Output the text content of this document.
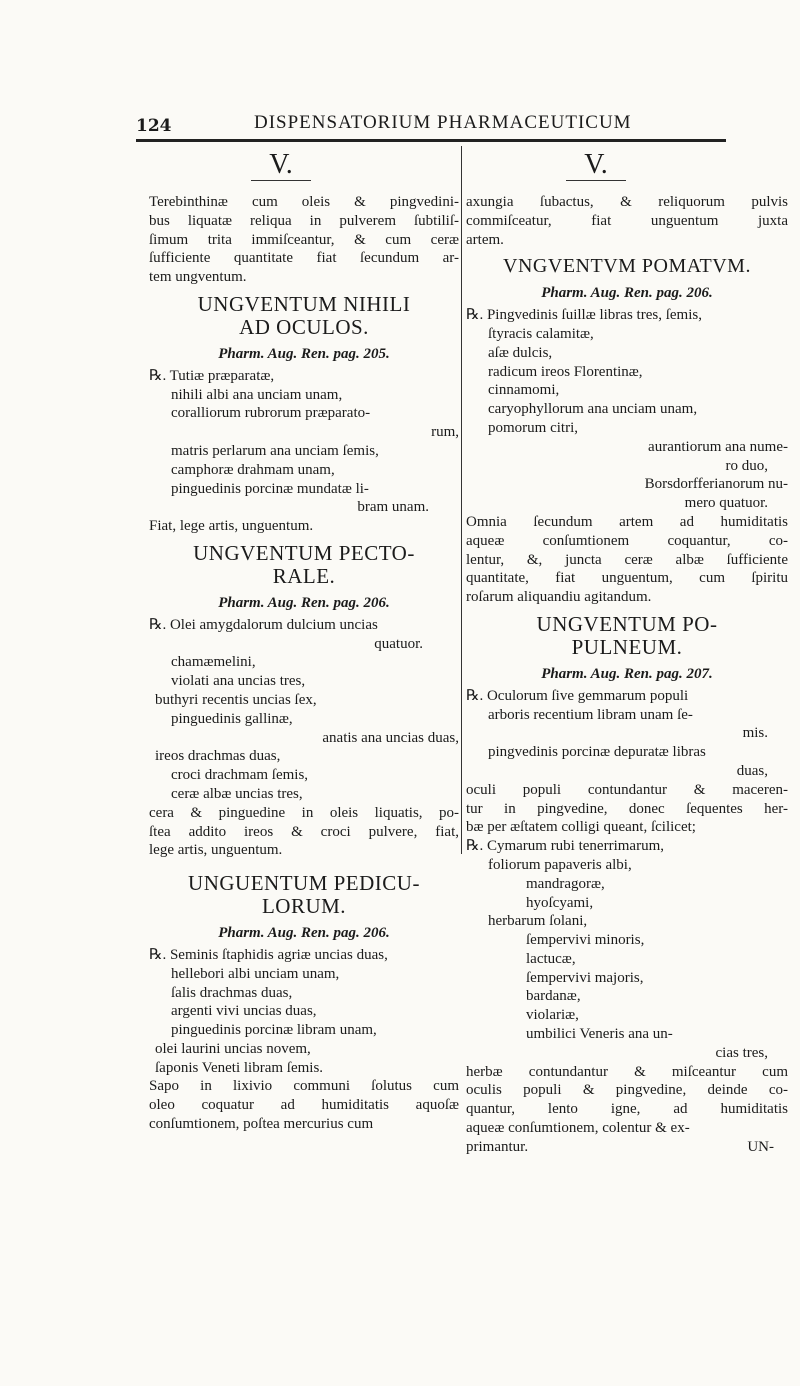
124	DISPENSATORIUM PHARMACEUTICUM
V.
Terebinthinæ cum oleis & pingvedini-
bus liquatæ reliqua in pulverem ſubtiliſ-
ſimum trita immiſceantur, & cum ceræ
ſufficiente quantitate fiat ſecundum ar-
tem ungventum.
UNGVENTUM NIHILI
AD OCULOS.
Pharm. Aug. Ren. pag. 205.
℞. Tutiæ præparatæ,
nihili albi ana unciam unam,
coralliorum rubrorum præparato-
rum,
matris perlarum ana unciam ſemis,
camphoræ drahmam unam,
pinguedinis porcinæ mundatæ li-
bram unam.
Fiat, lege artis, unguentum.
UNGVENTUM PECTO-
RALE.
Pharm. Aug. Ren. pag. 206.
℞. Olei amygdalorum dulcium uncias
quatuor.
chamæmelini,
violati ana uncias tres,
buthyri recentis uncias ſex,
pinguedinis gallinæ,
anatis ana uncias duas,
ireos drachmas duas,
croci drachmam ſemis,
ceræ albæ uncias tres,
cera & pinguedine in oleis liquatis, po-
ſtea addito ireos & croci pulvere, fiat,
lege artis, unguentum.
UNGUENTUM PEDICU-
LORUM.
Pharm. Aug. Ren. pag. 206.
℞. Seminis ſtaphidis agriæ uncias duas,
hellebori albi unciam unam,
ſalis drachmas duas,
argenti vivi uncias duas,
pinguedinis porcinæ libram unam,
olei laurini uncias novem,
ſaponis Veneti libram ſemis.
Sapo in lixivio communi ſolutus cum
oleo coquatur ad humiditatis aquoſæ
conſumtionem, poſtea mercurius cum
V.
axungia ſubactus, & reliquorum pulvis
commiſceatur, fiat unguentum juxta
artem.
VNGVENTVM POMATVM.
Pharm. Aug. Ren. pag. 206.
℞. Pingvedinis ſuillæ libras tres, ſemis,
ſtyracis calamitæ,
aſæ dulcis,
radicum ireos Florentinæ,
cinnamomi,
caryophyllorum ana unciam unam,
pomorum citri,
aurantiorum ana nume-
ro duo,
Borsdorfferianorum nu-
mero quatuor.
Omnia ſecundum artem ad humiditatis
aqueæ conſumtionem coquantur, co-
lentur, &, juncta ceræ albæ ſufficiente
quantitate, fiat unguentum, cum ſpiritu
roſarum aliquandiu agitandum.
UNGVENTUM PO-
PULNEUM.
Pharm. Aug. Ren. pag. 207.
℞. Oculorum ſive gemmarum populi
arboris recentium libram unam ſe-
mis.
pingvedinis porcinæ depuratæ libras
duas,
oculi populi contundantur & maceren-
tur in pingvedine, donec ſequentes her-
bæ per æſtatem colligi queant, ſcilicet;
℞. Cymarum rubi tenerrimarum,
foliorum papaveris albi,
mandragoræ,
hyoſcyami,
herbarum ſolani,
ſempervivi minoris,
lactucæ,
ſempervivi majoris,
bardanæ,
violariæ,
umbilici Veneris ana un-
cias tres,
herbæ contundantur & miſceantur cum
oculis populi & pingvedine, deinde co-
quantur, lento igne, ad humiditatis
aqueæ conſumtionem, colentur & ex-
primantur.	UN-
